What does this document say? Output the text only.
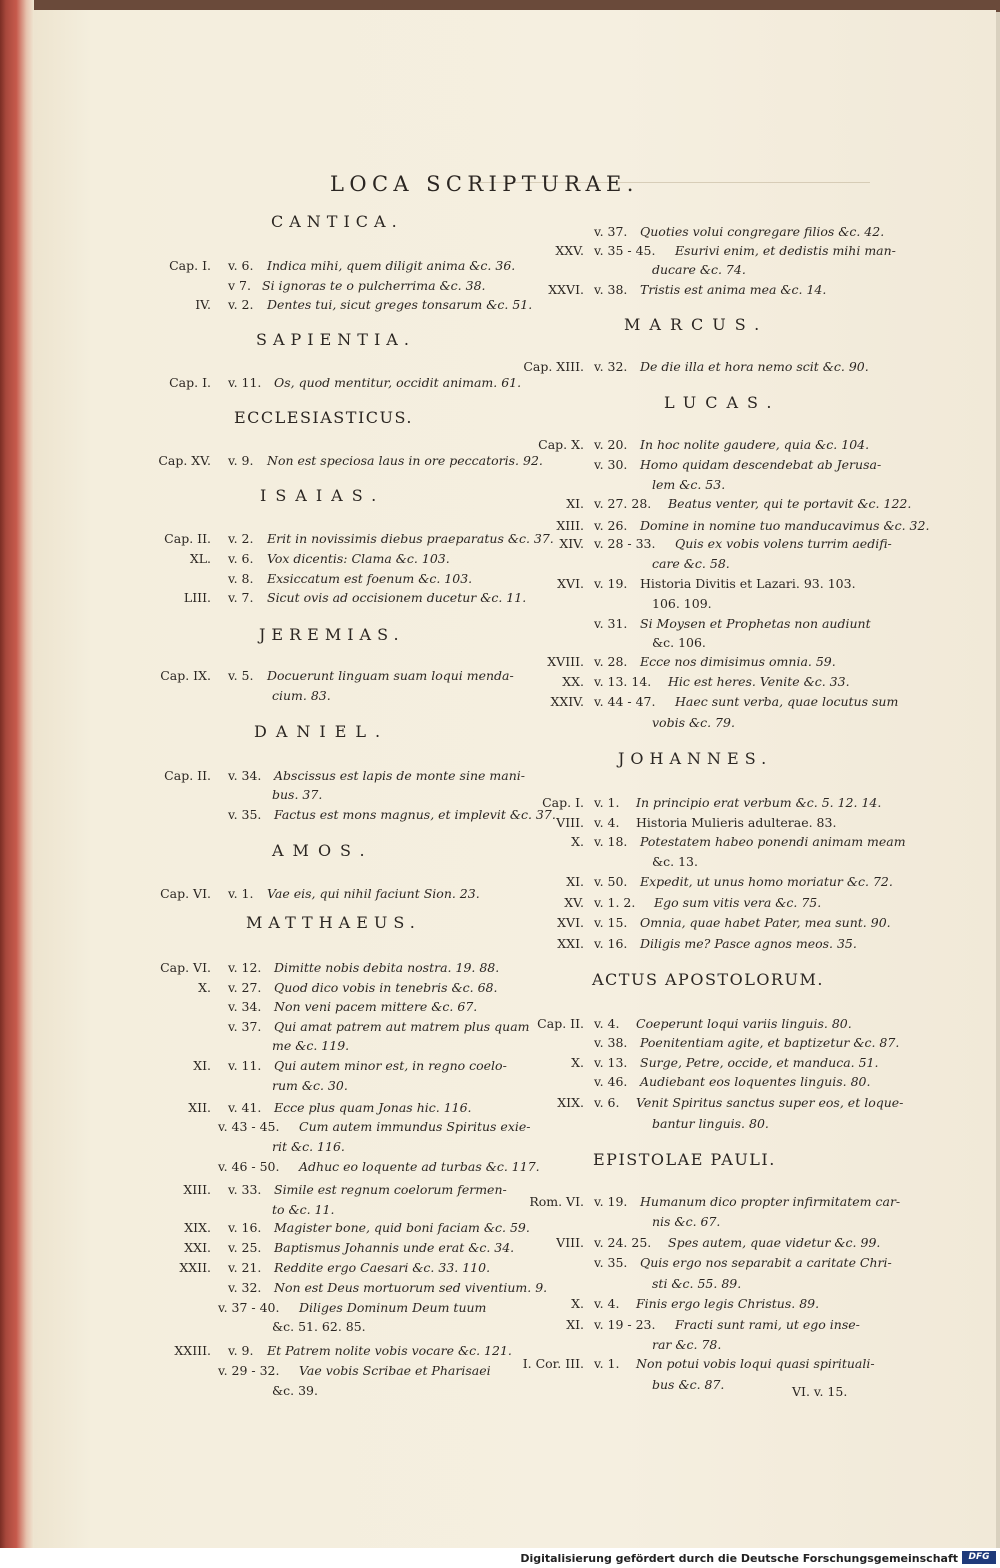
LOCA SCRIPTURAE.
CANTICA.
Cap. I. v. 6. Indica mihi, quem diligit anima &c. 36.
v 7. Si ignoras te o pulcherrima &c. 38.
IV. v. 2. Dentes tui, sicut greges tonsarum &c. 51.
SAPIENTIA.
Cap. I. v. 11. Os, quod mentitur, occidit animam. 61.
ECCLESIASTICUS.
Cap. XV. v. 9. Non est speciosa laus in ore peccatoris. 92.
ISAIAS.
Cap. II. v. 2. Erit in novissimis diebus praeparatus &c. 37.
XL. v. 6. Vox dicentis: Clama &c. 103.
v. 8. Exsiccatum est foenum &c. 103.
LIII. v. 7. Sicut ovis ad occisionem ducetur &c. 11.
JEREMIAS.
Cap. IX. v. 5. Docuerunt linguam suam loqui menda-
cium. 83.
DANIEL.
Cap. II. v. 34. Abscissus est lapis de monte sine mani-
bus. 37.
v. 35. Factus est mons magnus, et implevit &c. 37.
AMOS.
Cap. VI. v. 1. Vae eis, qui nihil faciunt Sion. 23.
MATTHAEUS.
Cap. VI. v. 12. Dimitte nobis debita nostra. 19. 88.
X. v. 27. Quod dico vobis in tenebris &c. 68.
v. 34. Non veni pacem mittere &c. 67.
v. 37. Qui amat patrem aut matrem plus quam
me &c. 119.
XI. v. 11. Qui autem minor est, in regno coelo-
rum &c. 30.
XII. v. 41. Ecce plus quam Jonas hic. 116.
v. 43 - 45. Cum autem immundus Spiritus exie-
rit &c. 116.
v. 46 - 50. Adhuc eo loquente ad turbas &c. 117.
XIII. v. 33. Simile est regnum coelorum fermen-
to &c. 11.
XIX. v. 16. Magister bone, quid boni faciam &c. 59.
XXI. v. 25. Baptismus Johannis unde erat &c. 34.
XXII. v. 21. Reddite ergo Caesari &c. 33. 110.
v. 32. Non est Deus mortuorum sed viventium. 9.
v. 37 - 40. Diliges Dominum Deum tuum
&c. 51. 62. 85.
XXIII. v. 9. Et Patrem nolite vobis vocare &c. 121.
v. 29 - 32. Vae vobis Scribae et Pharisaei
&c. 39.
v. 37. Quoties volui congregare filios &c. 42.
XXV. v. 35 - 45. Esurivi enim, et dedistis mihi man-
ducare &c. 74.
XXVI. v. 38. Tristis est anima mea &c. 14.
MARCUS.
Cap. XIII. v. 32. De die illa et hora nemo scit &c. 90.
LUCAS.
Cap. X. v. 20. In hoc nolite gaudere, quia &c. 104.
v. 30. Homo quidam descendebat ab Jerusa-
lem &c. 53.
XI. v. 27. 28. Beatus venter, qui te portavit &c. 122.
XIII. v. 26. Domine in nomine tuo manducavimus &c. 32.
XIV. v. 28 - 33. Quis ex vobis volens turrim aedifi-
care &c. 58.
XVI. v. 19. Historia Divitis et Lazari. 93. 103.
106. 109.
v. 31. Si Moysen et Prophetas non audiunt
&c. 106.
XVIII. v. 28. Ecce nos dimisimus omnia. 59.
XX. v. 13. 14. Hic est heres. Venite &c. 33.
XXIV. v. 44 - 47. Haec sunt verba, quae locutus sum
vobis &c. 79.
JOHANNES.
Cap. I. v. 1. In principio erat verbum &c. 5. 12. 14.
VIII. v. 4. Historia Mulieris adulterae. 83.
X. v. 18. Potestatem habeo ponendi animam meam
&c. 13.
XI. v. 50. Expedit, ut unus homo moriatur &c. 72.
XV. v. 1. 2. Ego sum vitis vera &c. 75.
XVI. v. 15. Omnia, quae habet Pater, mea sunt. 90.
XXI. v. 16. Diligis me? Pasce agnos meos. 35.
ACTUS APOSTOLORUM.
Cap. II. v. 4. Coeperunt loqui variis linguis. 80.
v. 38. Poenitentiam agite, et baptizetur &c. 87.
X. v. 13. Surge, Petre, occide, et manduca. 51.
v. 46. Audiebant eos loquentes linguis. 80.
XIX. v. 6. Venit Spiritus sanctus super eos, et loque-
bantur linguis. 80.
EPISTOLAE PAULI.
Rom. VI. v. 19. Humanum dico propter infirmitatem car-
nis &c. 67.
VIII. v. 24. 25. Spes autem, quae videtur &c. 99.
v. 35. Quis ergo nos separabit a caritate Chri-
sti &c. 55. 89.
X. v. 4. Finis ergo legis Christus. 89.
XI. v. 19 - 23. Fracti sunt rami, ut ego inse-
rar &c. 78.
I. Cor. III. v. 1. Non potui vobis loqui quasi spirituali-
bus &c. 87.	VI. v. 15.
Digitalisierung gefördert durch die Deutsche Forschungsgemeinschaft	DFG
